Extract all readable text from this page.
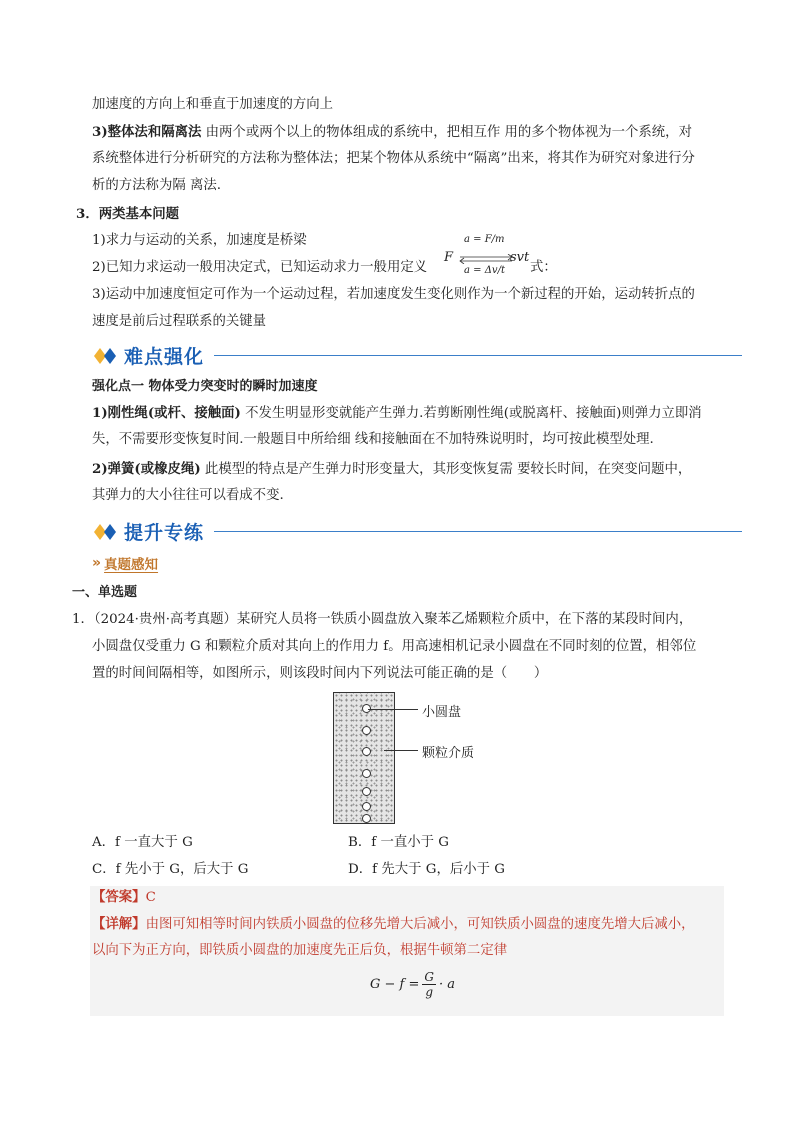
加速度的方向上和垂直于加速度的方向上
3)整体法和隔离法 由两个或两个以上的物体组成的系统中，把相互作 用的多个物体视为一个系统，对
系统整体进行分析研究的方法称为整体法；把某个物体从系统中“隔离”出来，将其作为研究对象进行分
析的方法称为隔 离法.
3．两类基本问题
1)求力与运动的关系，加速度是桥梁
2)已知力求运动一般用决定式，已知运动求力一般用定义
F
a = F/m
a = Δv/t
svt
式：
3)运动中加速度恒定可作为一个运动过程，若加速度发生变化则作为一个新过程的开始，运动转折点的
速度是前后过程联系的关键量
难点强化
强化点一 物体受力突变时的瞬时加速度
1)刚性绳(或杆、接触面) 不发生明显形变就能产生弹力.若剪断刚性绳(或脱离杆、接触面)则弹力立即消
失，不需要形变恢复时间.一般题目中所给细 线和接触面在不加特殊说明时，均可按此模型处理.
2)弹簧(或橡皮绳) 此模型的特点是产生弹力时形变量大，其形变恢复需 要较长时间，在突变问题中，
其弹力的大小往往可以看成不变.
提升专练
» 真题感知
一、单选题
1．（2024·贵州·高考真题）某研究人员将一铁质小圆盘放入聚苯乙烯颗粒介质中，在下落的某段时间内，
小圆盘仅受重力 G 和颗粒介质对其向上的作用力 f。用高速相机记录小圆盘在不同时刻的位置，相邻位
置的时间间隔相等，如图所示，则该段时间内下列说法可能正确的是（　　）
小圆盘
颗粒介质
A．f 一直大于 G	B．f 一直小于 G
C．f 先小于 G，后大于 G	D．f 先大于 G，后小于 G
【答案】C
【详解】由图可知相等时间内铁质小圆盘的位移先增大后减小，可知铁质小圆盘的速度先增大后减小，
以向下为正方向，即铁质小圆盘的加速度先正后负，根据牛顿第二定律
$G - f = \frac{G}{g} \cdot a$
